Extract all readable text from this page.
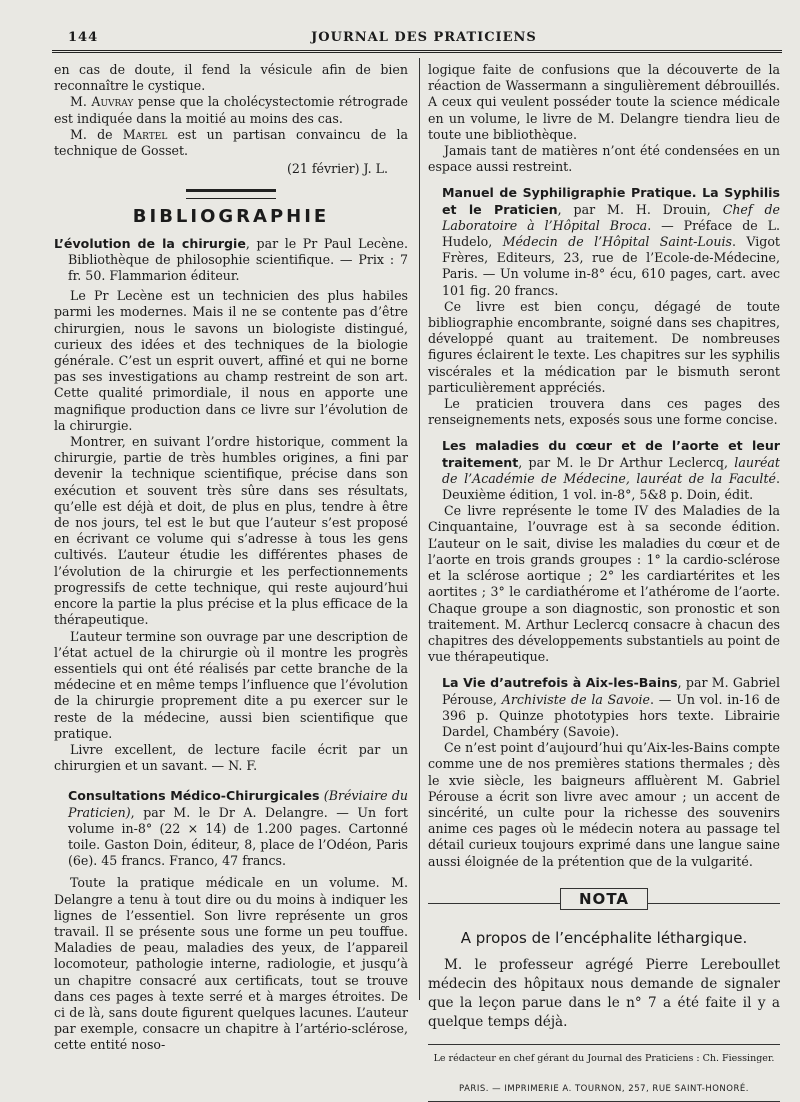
144	JOURNAL DES PRATICIENS

en cas de doute, il fend la vésicule afin de bien reconnaître le cystique.

M. Auvray pense que la cholécystectomie rétrograde est indiquée dans la moitié au moins des cas.

M. de Martel est un partisan convaincu de la technique de Gosset.

(21 février) J. L.

BIBLIOGRAPHIE

L’évolution de la chirurgie, par le Pr Paul Lecène. Bibliothèque de philosophie scientifique. — Prix : 7 fr. 50. Flammarion éditeur.

Le Pr Lecène est un technicien des plus habiles parmi les modernes. Mais il ne se contente pas d’être chirurgien, nous le savons un biologiste distingué, curieux des idées et des techniques de la biologie générale. C’est un esprit ouvert, affiné et qui ne borne pas ses investigations au champ restreint de son art. Cette qualité primordiale, il nous en apporte une magnifique production dans ce livre sur l’évolution de la chirurgie.

Montrer, en suivant l’ordre historique, comment la chirurgie, partie de très humbles origines, a fini par devenir la technique scientifique, précise dans son exécution et souvent très sûre dans ses résultats, qu’elle est déjà et doit, de plus en plus, tendre à être de nos jours, tel est le but que l’auteur s’est proposé en écrivant ce volume qui s’adresse à tous les gens cultivés. L’auteur étudie les différentes phases de l’évolution de la chirurgie et les perfectionnements progressifs de cette technique, qui reste aujourd’hui encore la partie la plus précise et la plus efficace de la thérapeutique.

L’auteur termine son ouvrage par une description de l’état actuel de la chirurgie où il montre les progrès essentiels qui ont été réalisés par cette branche de la médecine et en même temps l’influence que l’évolution de la chirurgie proprement dite a pu exercer sur le reste de la médecine, aussi bien scientifique que pratique.

Livre excellent, de lecture facile écrit par un chirurgien et un savant. — N. F.

Consultations Médico-Chirurgicales (Bréviaire du Praticien), par M. le Dr A. Delangre. — Un fort volume in-8° (22 × 14) de 1.200 pages. Cartonné toile. Gaston Doin, éditeur, 8, place de l’Odéon, Paris (6e). 45 francs. Franco, 47 francs.

Toute la pratique médicale en un volume. M. Delangre a tenu à tout dire ou du moins à indiquer les lignes de l’essentiel. Son livre représente un gros travail. Il se présente sous une forme un peu touffue. Maladies de peau, maladies des yeux, de l’appareil locomoteur, pathologie interne, radiologie, et jusqu’à un chapitre consacré aux certificats, tout se trouve dans ces pages à texte serré et à marges étroites. De ci de là, sans doute figurent quelques lacunes. L’auteur par exemple, consacre un chapitre à l’artério-sclérose, cette entité noso-

logique faite de confusions que la découverte de la réaction de Wassermann a singulièrement débrouillés. A ceux qui veulent posséder toute la science médicale en un volume, le livre de M. Delangre tiendra lieu de toute une bibliothèque.

Jamais tant de matières n’ont été condensées en un espace aussi restreint.

Manuel de Syphiligraphie Pratique. La Syphilis et le Praticien, par M. H. Drouin, Chef de Laboratoire à l’Hôpital Broca. — Préface de L. Hudelo, Médecin de l’Hôpital Saint-Louis. Vigot Frères, Editeurs, 23, rue de l’Ecole-de-Médecine, Paris. — Un volume in-8° écu, 610 pages, cart. avec 101 fig. 20 francs.

Ce livre est bien conçu, dégagé de toute bibliographie encombrante, soigné dans ses chapitres, développé quant au traitement. De nombreuses figures éclairent le texte. Les chapitres sur les syphilis viscérales et la médication par le bismuth seront particulièrement appréciés.

Le praticien trouvera dans ces pages des renseignements nets, exposés sous une forme concise.

Les maladies du cœur et de l’aorte et leur traitement, par M. le Dr Arthur Leclercq, lauréat de l’Académie de Médecine, lauréat de la Faculté. Deuxième édition, 1 vol. in-8°, 5&8 p. Doin, édit.

Ce livre représente le tome IV des Maladies de la Cinquantaine, l’ouvrage est à sa seconde édition. L’auteur on le sait, divise les maladies du cœur et de l’aorte en trois grands groupes : 1° la cardio-sclérose et la sclérose aortique ; 2° les cardiartérites et les aortites ; 3° le cardiathérome et l’athérome de l’aorte. Chaque groupe a son diagnostic, son pronostic et son traitement. M. Arthur Leclercq consacre à chacun des chapitres des développements substantiels au point de vue thérapeutique.

La Vie d’autrefois à Aix-les-Bains, par M. Gabriel Pérouse, Archiviste de la Savoie. — Un vol. in-16 de 396 p. Quinze phototypies hors texte. Librairie Dardel, Chambéry (Savoie).

Ce n’est point d’aujourd’hui qu’Aix-les-Bains compte comme une de nos premières stations thermales ; dès le xvie siècle, les baigneurs affluèrent M. Gabriel Pérouse a écrit son livre avec amour ; un accent de sincérité, un culte pour la richesse des souvenirs anime ces pages où le médecin notera au passage tel détail curieux toujours exprimé dans une langue saine aussi éloignée de la prétention que de la vulgarité.

NOTA
A propos de l’encéphalite léthargique.

M. le professeur agrégé Pierre Lereboullet médecin des hôpitaux nous demande de signaler que la leçon parue dans le n° 7 a été faite il y a quelque temps déjà.

Le rédacteur en chef gérant du Journal des Praticiens : Ch. Fiessinger.
PARIS. — IMPRIMERIE A. TOURNON, 257, RUE SAINT-HONORÉ.
